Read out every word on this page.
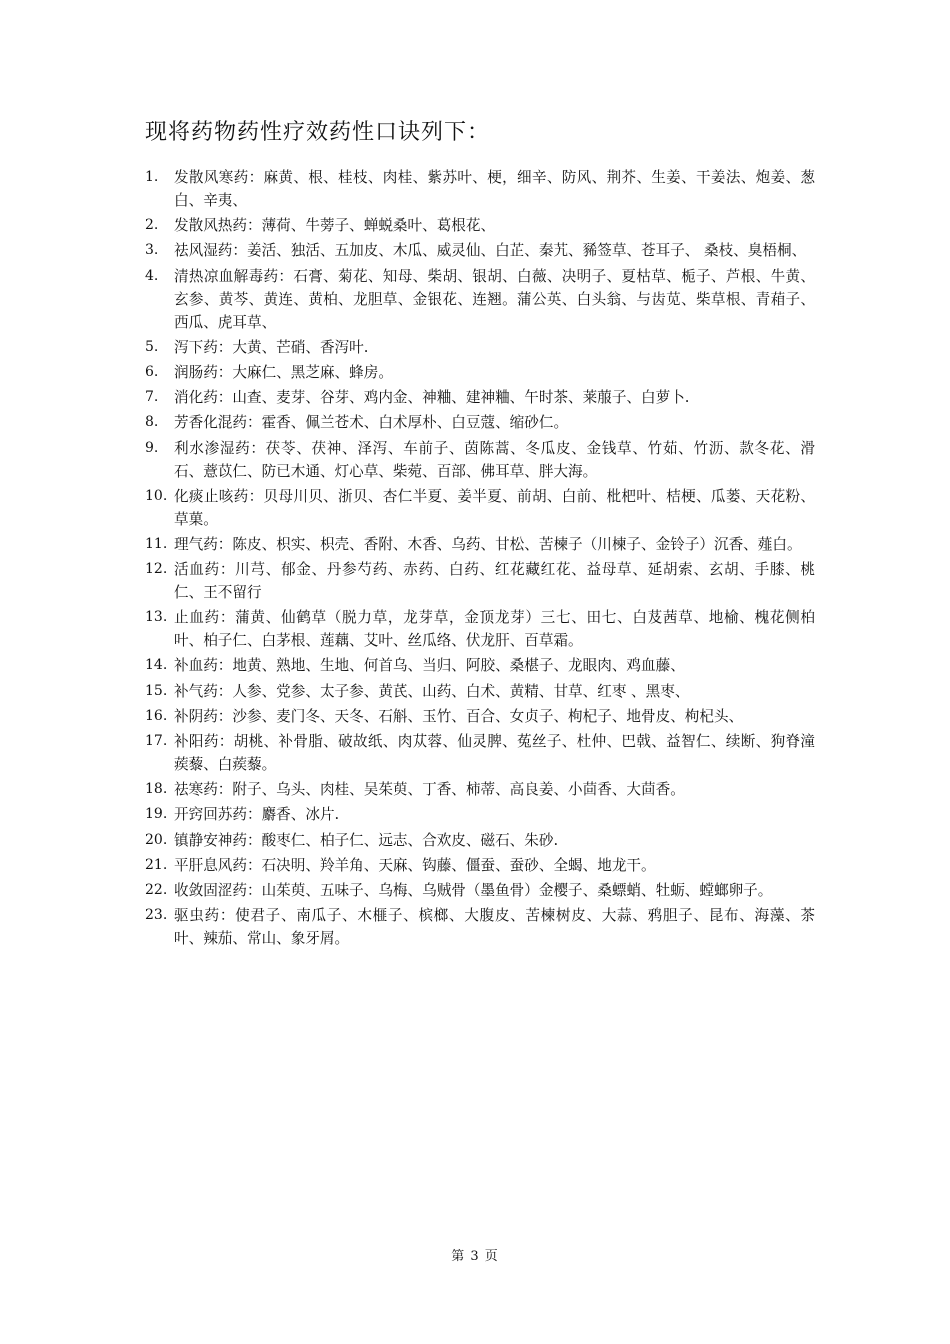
现将药物药性疗效药性口诀列下：
1. 发散风寒药：麻黄、根、桂枝、肉桂、紫苏叶、梗，细辛、防风、荆芥、生姜、干姜法、炮姜、葱白、辛夷、
2. 发散风热药：薄荷、牛蒡子、蝉蜕桑叶、葛根花、
3. 祛风湿药：姜活、独活、五加皮、木瓜、威灵仙、白芷、秦艽、豨签草、苍耳子、 桑枝、臭梧桐、
4. 清热凉血解毒药：石膏、菊花、知母、柴胡、银胡、白薇、决明子、夏枯草、栀子、芦根、牛黄、玄参、黄芩、黄连、黄柏、龙胆草、金银花、连翘。蒲公英、白头翁、与齿苋、柴草根、青葙子、西瓜、虎耳草、
5. 泻下药：大黄、芒硝、香泻叶.
6. 润肠药：大麻仁、黑芝麻、蜂房。
7. 消化药：山查、麦芽、谷芽、鸡内金、神粬、建神粬、午时茶、莱菔子、白萝卜.
8. 芳香化混药：霍香、佩兰苍术、白术厚朴、白豆蔻、缩砂仁。
9. 利水渗湿药：茯苓、茯神、泽泻、车前子、茵陈蒿、冬瓜皮、金钱草、竹茹、竹沥、款冬花、滑石、薏苡仁、防已木通、灯心草、柴菀、百部、佛耳草、胖大海。
10. 化痰止咳药：贝母川贝、浙贝、杏仁半夏、姜半夏、前胡、白前、枇杷叶、桔梗、瓜蒌、天花粉、草菓。
11. 理气药：陈皮、枳实、枳壳、香附、木香、乌药、甘松、苦楝子（川楝子、金铃子）沉香、薤白。
12. 活血药：川芎、郁金、丹参芍药、赤药、白药、红花藏红花、益母草、延胡索、玄胡、手膝、桃仁、王不留行
13. 止血药：蒲黄、仙鹤草（脱力草，龙芽草，金顶龙芽）三七、田七、白芨茜草、地榆、槐花侧柏叶、柏子仁、白茅根、莲藕、艾叶、丝瓜络、伏龙肝、百草霜。
14. 补血药：地黄、熟地、生地、何首乌、当归、阿胶、桑椹子、龙眼肉、鸡血藤、
15. 补气药：人参、党参、太子参、黄芪、山药、白术、黄精、甘草、红枣 、黑枣、
16. 补阴药：沙参、麦门冬、天冬、石斛、玉竹、百合、女贞子、枸杞子、地骨皮、枸杞头、
17. 补阳药：胡桃、补骨脂、破故纸、肉苁蓉、仙灵脾、菟丝子、杜仲、巴戟、益智仁、续断、狗脊潼蒺藜、白蒺藜。
18. 祛寒药：附子、乌头、肉桂、吴茱萸、丁香、柿蒂、高良姜、小茴香、大茴香。
19. 开窍回苏药：麝香、冰片.
20. 镇静安神药：酸枣仁、柏子仁、远志、合欢皮、磁石、朱砂.
21. 平肝息风药：石决明、羚羊角、天麻、钩藤、僵蚕、蚕砂、全蝎、地龙干。
22. 收敛固涩药：山茱萸、五味子、乌梅、乌贼骨（墨鱼骨）金樱子、桑螵蛸、牡蛎、螳螂卵子。
23. 驱虫药：使君子、南瓜子、木榧子、槟榔、大腹皮、苦楝树皮、大蒜、鸦胆子、昆布、海藻、茶叶、辣茄、常山、象牙屑。
第 3 页
